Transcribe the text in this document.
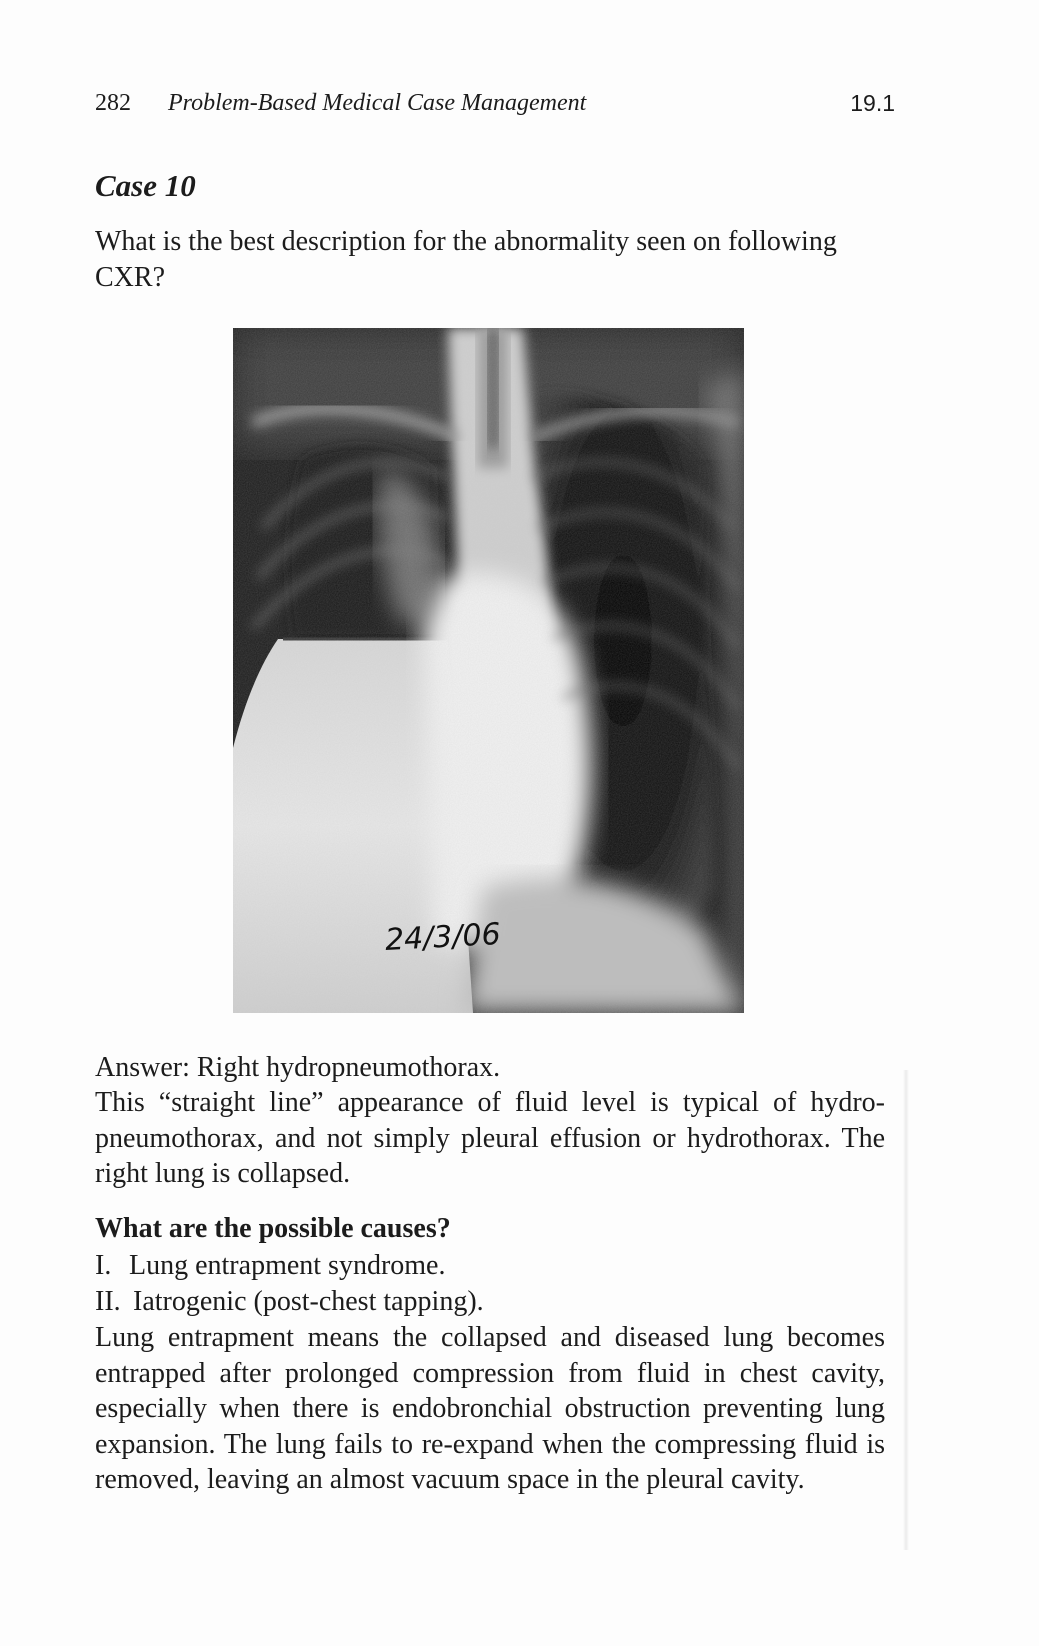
282 Problem-Based Medical Case Management	19.1
Case 10
What is the best description for the abnormality seen on following CXR?
24/3/06
Answer: Right hydropneumothorax.
This “straight line” appearance of fluid level is typical of hydro-pneumothorax, and not simply pleural effusion or hydrothorax. The right lung is collapsed.
What are the possible causes?
I. Lung entrapment syndrome.
II. Iatrogenic (post-chest tapping).
Lung entrapment means the collapsed and diseased lung becomes entrapped after prolonged compression from fluid in chest cavity, especially when there is endobronchial obstruction preventing lung expansion. The lung fails to re-expand when the compressing fluid is removed, leaving an almost vacuum space in the pleural cavity.
